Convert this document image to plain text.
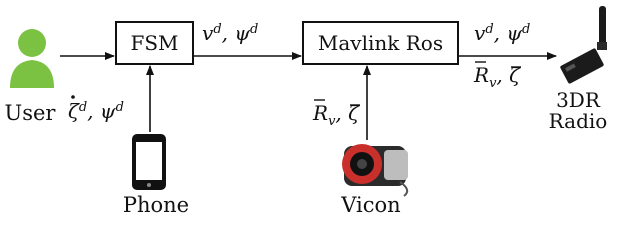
User
FSM $v^d$, $\psi^d$
Mavlink Ros $v^d$, $\psi^d$
$R_v$, ζ
3DR
Radio
$\zeta^d$, $\psi^d$
Phone
$R_v$, ζ
Vicon
